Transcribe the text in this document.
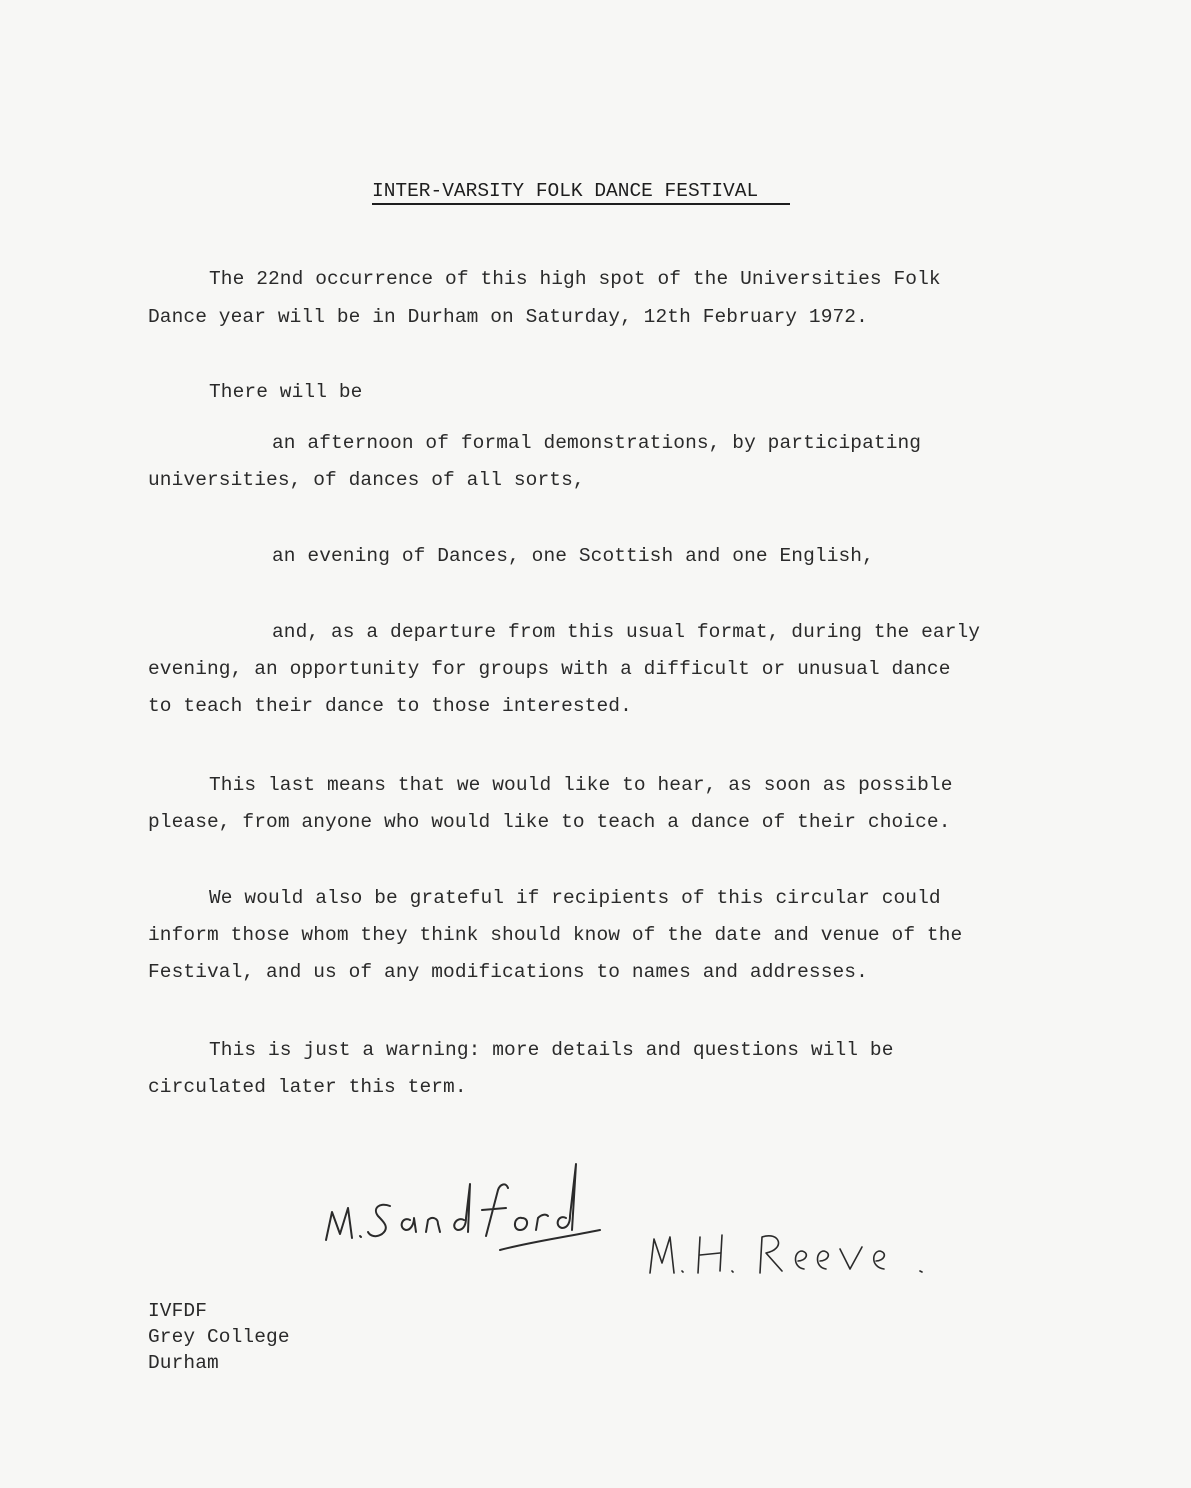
INTER-VARSITY FOLK DANCE FESTIVAL
The 22nd occurrence of this high spot of the Universities Folk
Dance year will be in Durham on Saturday, 12th February 1972.
There will be
an afternoon of formal demonstrations, by participating
universities, of dances of all sorts,
an evening of Dances, one Scottish and one English,
and, as a departure from this usual format, during the early
evening, an opportunity for groups with a difficult or unusual dance
to teach their dance to those interested.
This last means that we would like to hear, as soon as possible
please, from anyone who would like to teach a dance of their choice.
We would also be grateful if recipients of this circular could
inform those whom they think should know of the date and venue of the
Festival, and us of any modifications to names and addresses.
This is just a warning: more details and questions will be
circulated later this term.
IVFDF
Grey College
Durham
